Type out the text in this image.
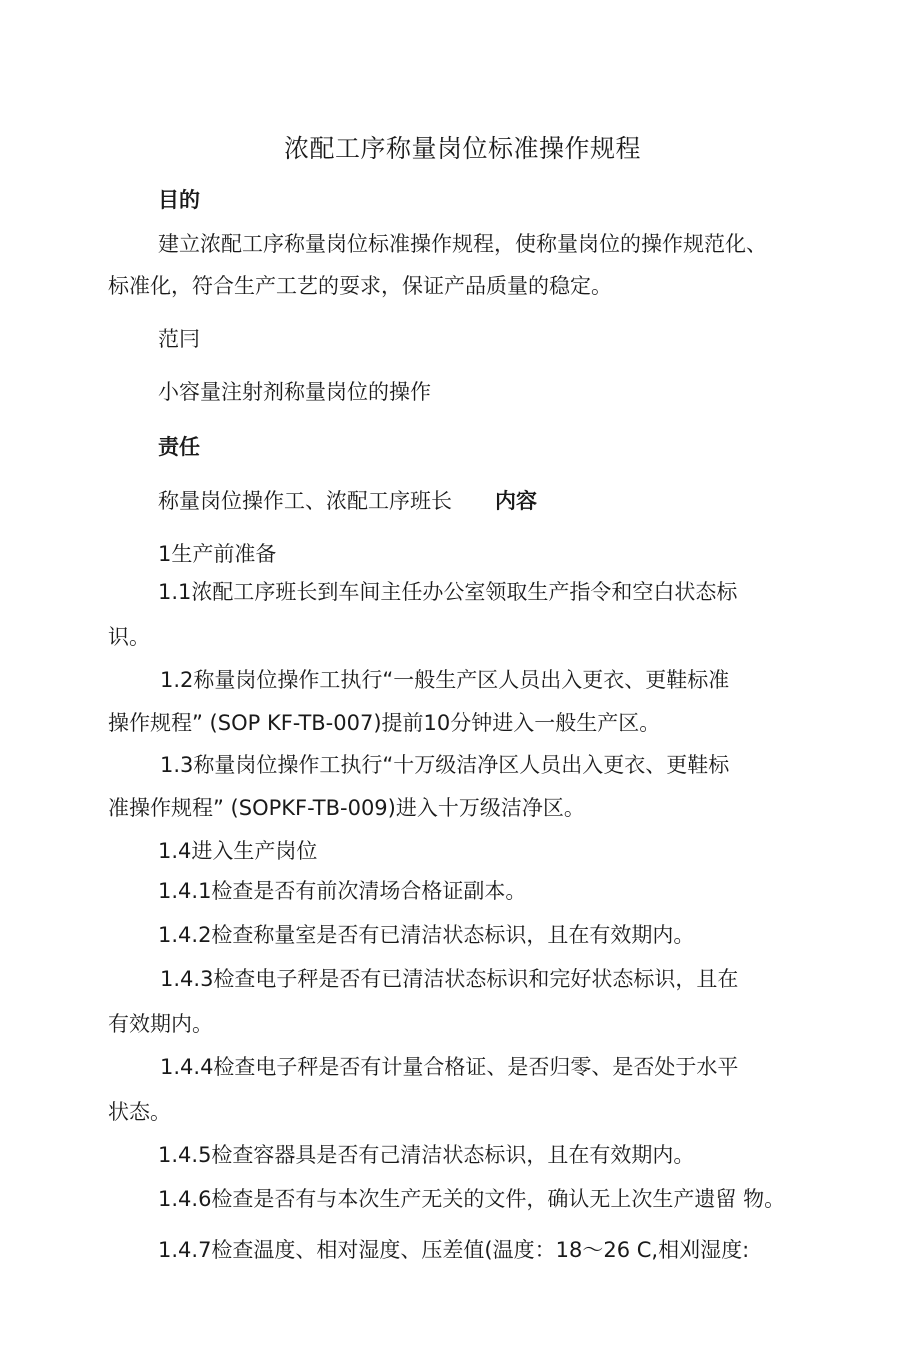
浓配工序称量岗位标准操作规程
目的
建立浓配工序称量岗位标准操作规程，使称量岗位的操作规范化、
标准化，符合生产工艺的耍求，保证产品质量的稳定。
范冃
小容量注射剂称量岗位的操作
责任
称量岗位操作工、浓配工序班长 内容
1生产前准备
1.1浓配工序班长到车间主任办公室领取生产指令和空白状态标
识。
1.2称量岗位操作工执行“一般生产区人员出入更衣、更鞋标准
操作规程” (SOP KF-TB-007)提前10分钟进入一般生产区。
1.3称量岗位操作工执行“十万级洁净区人员出入更衣、更鞋标
准操作规程” (SOPKF-TB-009)进入十万级洁净区。
1.4进入生产岗位
1.4.1检查是否有前次清场合格证副本。
1.4.2检查称量室是否有已清洁状态标识，且在有效期内。
1.4.3检查电子秤是否有已清洁状态标识和完好状态标识，且在
有效期内。
1.4.4检查电子秤是否有计量合格证、是否归零、是否处于水平
状态。
1.4.5检查容器具是否有己清洁状态标识，且在有效期内。
1.4.6检查是否有与本次生产无关的文件，确认无上次生产遗留 物。
1.4.7检查温度、相对湿度、压差值(温度：18～26 C,相刈湿度:
